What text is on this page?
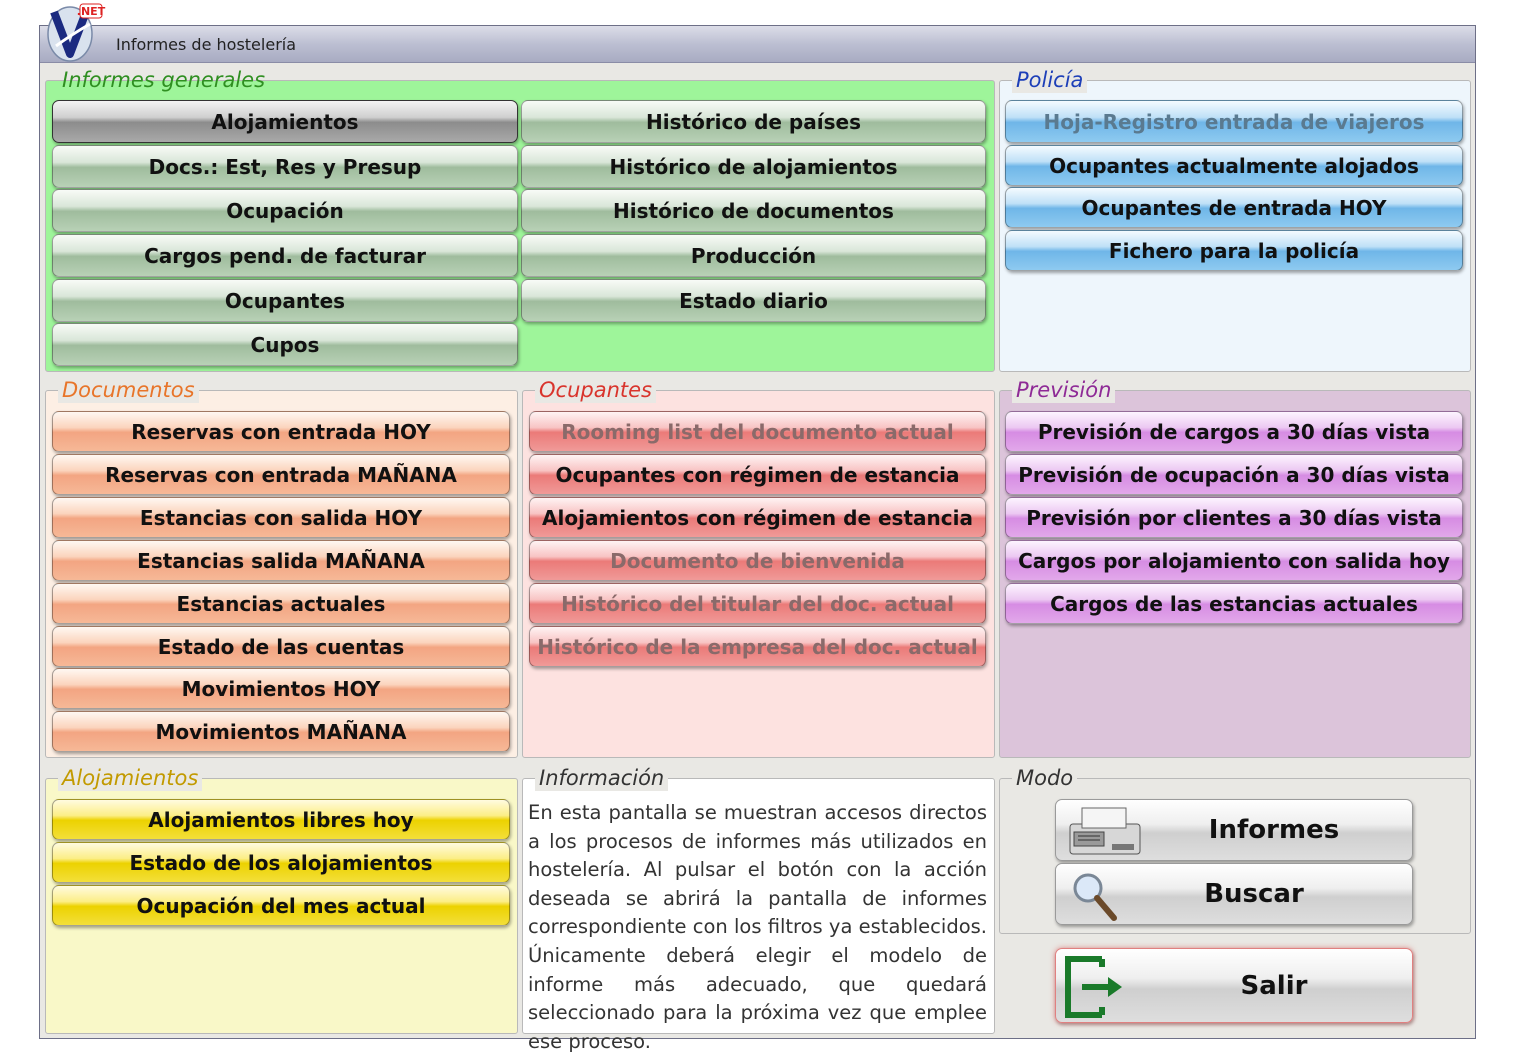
Informes de hostelería
Informes generales	Policía
Documentos	Ocupantes	Previsión
Alojamientos	Información	Modo
.NET
Alojamientos	Histórico de países
Docs.: Est, Res y Presup	Histórico de alojamientos
Ocupación	Histórico de documentos
Cargos pend. de facturar	Producción
Ocupantes	Estado diario
Cupos
Hoja-Registro entrada de viajeros
Ocupantes actualmente alojados
Ocupantes de entrada HOY
Fichero para la policía
Reservas con entrada HOY
Reservas con entrada MAÑANA
Estancias con salida HOY
Estancias salida MAÑANA
Estancias actuales
Estado de las cuentas
Movimientos HOY
Movimientos MAÑANA
Rooming list del documento actual
Ocupantes con régimen de estancia
Alojamientos con régimen de estancia
Documento de bienvenida
Histórico del titular del doc. actual
Histórico de la empresa del doc. actual
Previsión de cargos a 30 días vista
Previsión de ocupación a 30 días vista
Previsión por clientes a 30 días vista
Cargos por alojamiento con salida hoy
Cargos de las estancias actuales
Alojamientos libres hoy
Estado de los alojamientos
Ocupación del mes actual
En esta pantalla se muestran accesos directos a los procesos de informes más utilizados en hostelería. Al pulsar el botón con la acción deseada se abrirá la pantalla de informes correspondiente con los filtros ya establecidos. Únicamente deberá elegir el modelo de informe más adecuado, que quedará seleccionado para la próxima vez que emplee ese proceso.
Informes
Buscar
Salir
